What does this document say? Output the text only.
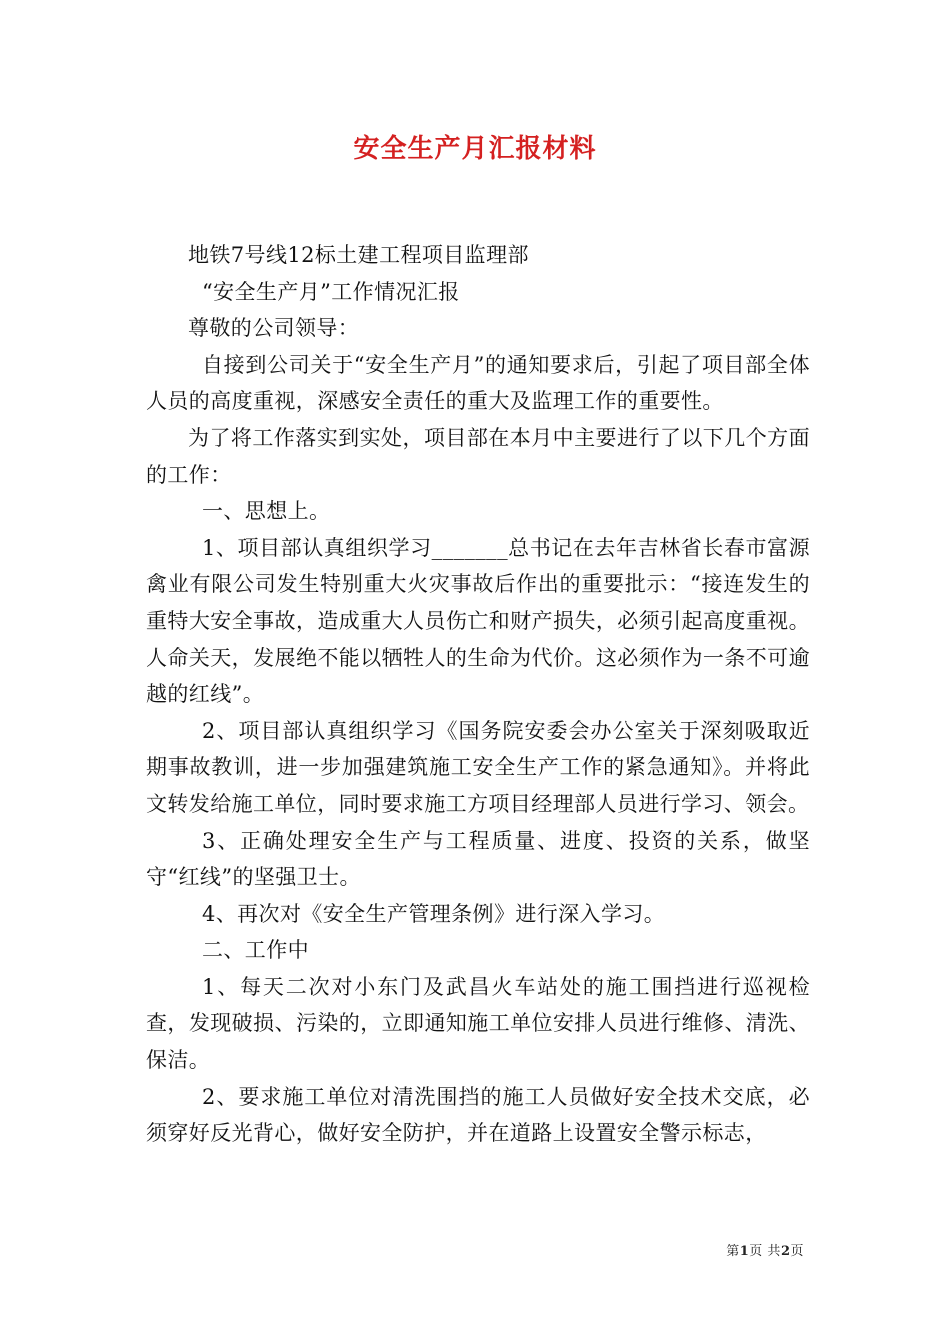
安全生产月汇报材料

地铁7号线12标土建工程项目监理部

“安全生产月”工作情况汇报

尊敬的公司领导：

自接到公司关于“安全生产月”的通知要求后，引起了项目部全体人员的高度重视，深感安全责任的重大及监理工作的重要性。

为了将工作落实到实处，项目部在本月中主要进行了以下几个方面的工作：

一、思想上。

1、项目部认真组织学习_______总书记在去年吉林省长春市富源禽业有限公司发生特别重大火灾事故后作出的重要批示：“接连发生的重特大安全事故，造成重大人员伤亡和财产损失，必须引起高度重视。人命关天，发展绝不能以牺牲人的生命为代价。这必须作为一条不可逾越的红线”。

2、项目部认真组织学习《国务院安委会办公室关于深刻吸取近期事故教训，进一步加强建筑施工安全生产工作的紧急通知》。并将此文转发给施工单位，同时要求施工方项目经理部人员进行学习、领会。

3、正确处理安全生产与工程质量、进度、投资的关系，做坚守“红线”的坚强卫士。

4、再次对《安全生产管理条例》进行深入学习。

二、工作中

1、每天二次对小东门及武昌火车站处的施工围挡进行巡视检查，发现破损、污染的，立即通知施工单位安排人员进行维修、清洗、保洁。

2、要求施工单位对清洗围挡的施工人员做好安全技术交底，必须穿好反光背心，做好安全防护，并在道路上设置安全警示标志，

第1页 共2页
